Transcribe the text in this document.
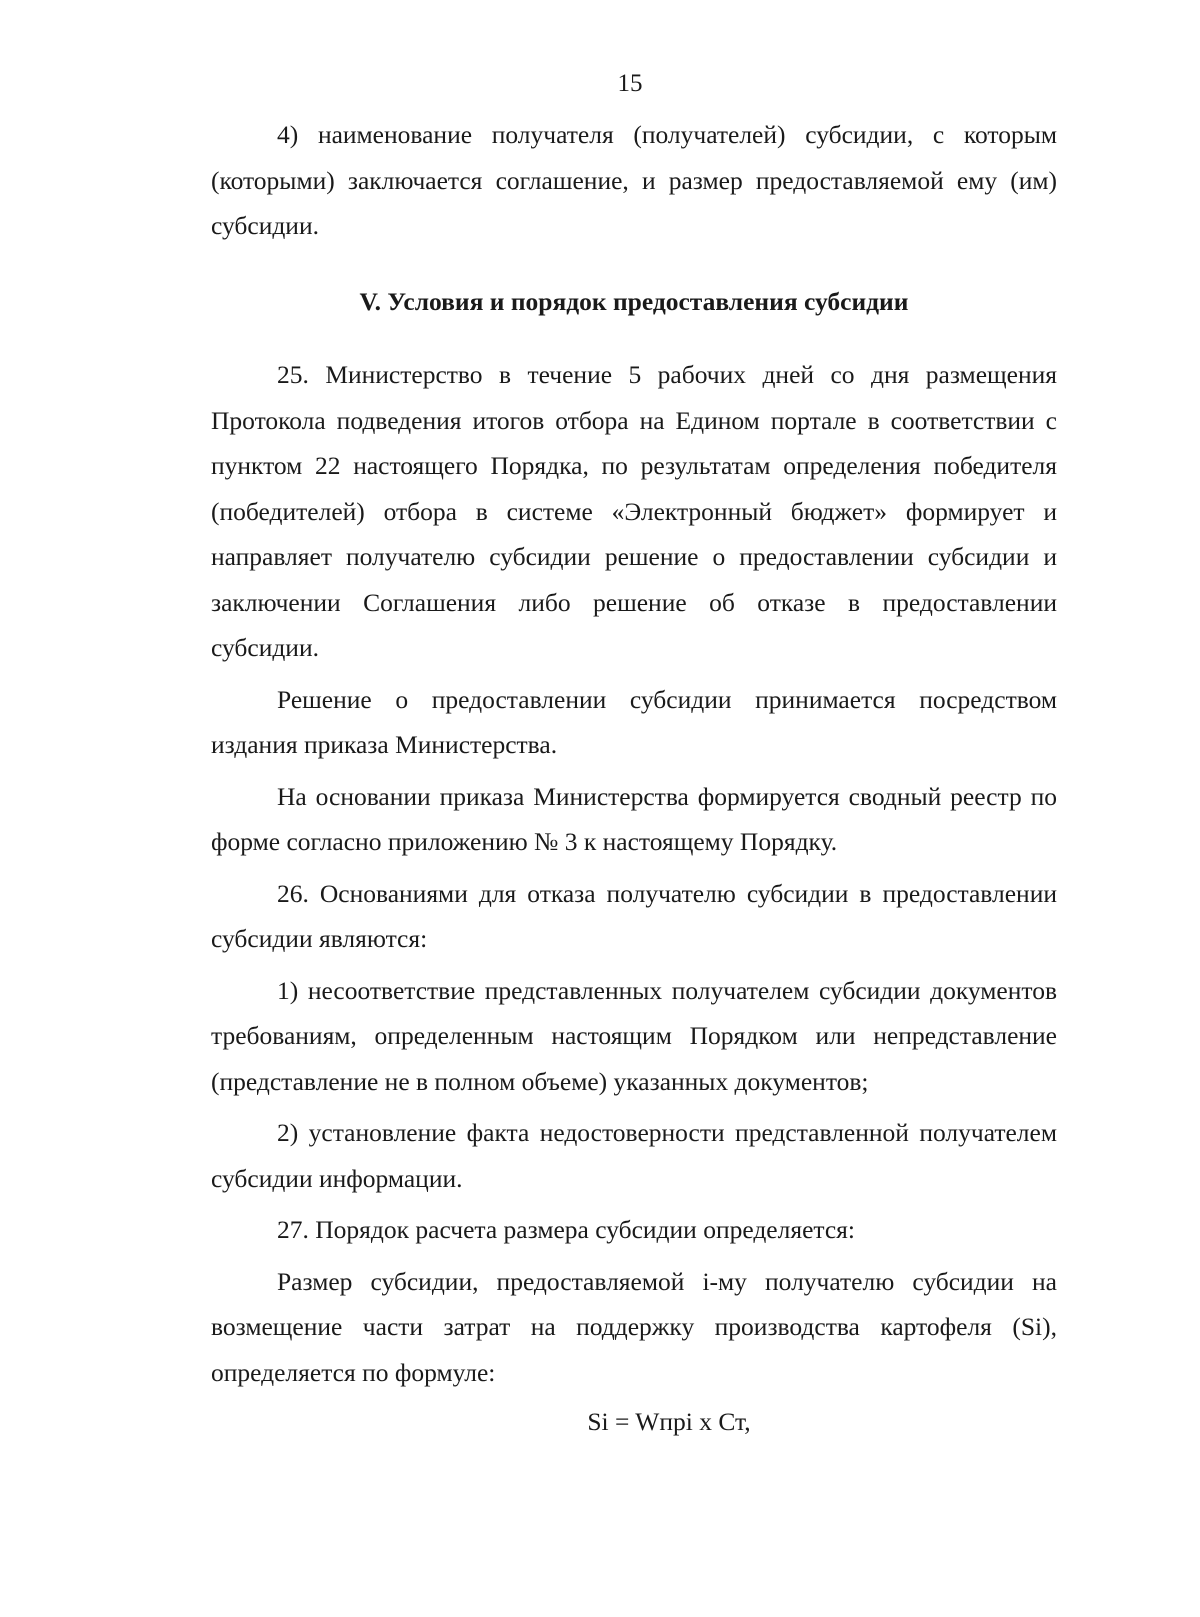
15

4) наименование получателя (получателей) субсидии, с которым (которыми) заключается соглашение, и размер предоставляемой ему (им) субсидии.

V. Условия и порядок предоставления субсидии

25. Министерство в течение 5 рабочих дней со дня размещения Протокола подведения итогов отбора на Едином портале в соответствии с пунктом 22 настоящего Порядка, по результатам определения победителя (победителей) отбора в системе «Электронный бюджет» формирует и направляет получателю субсидии решение о предоставлении субсидии и заключении Соглашения либо решение об отказе в предоставлении субсидии.

Решение о предоставлении субсидии принимается посредством издания приказа Министерства.

На основании приказа Министерства формируется сводный реестр по форме согласно приложению № 3 к настоящему Порядку.

26. Основаниями для отказа получателю субсидии в предоставлении субсидии являются:

1) несоответствие представленных получателем субсидии документов требованиям, определенным настоящим Порядком или непредставление (представление не в полном объеме) указанных документов;

2) установление факта недостоверности представленной получателем субсидии информации.

27. Порядок расчета размера субсидии определяется:

Размер субсидии, предоставляемой i-му получателю субсидии на возмещение части затрат на поддержку производства картофеля (Si), определяется по формуле:

Si = Wпрi x Ст,
